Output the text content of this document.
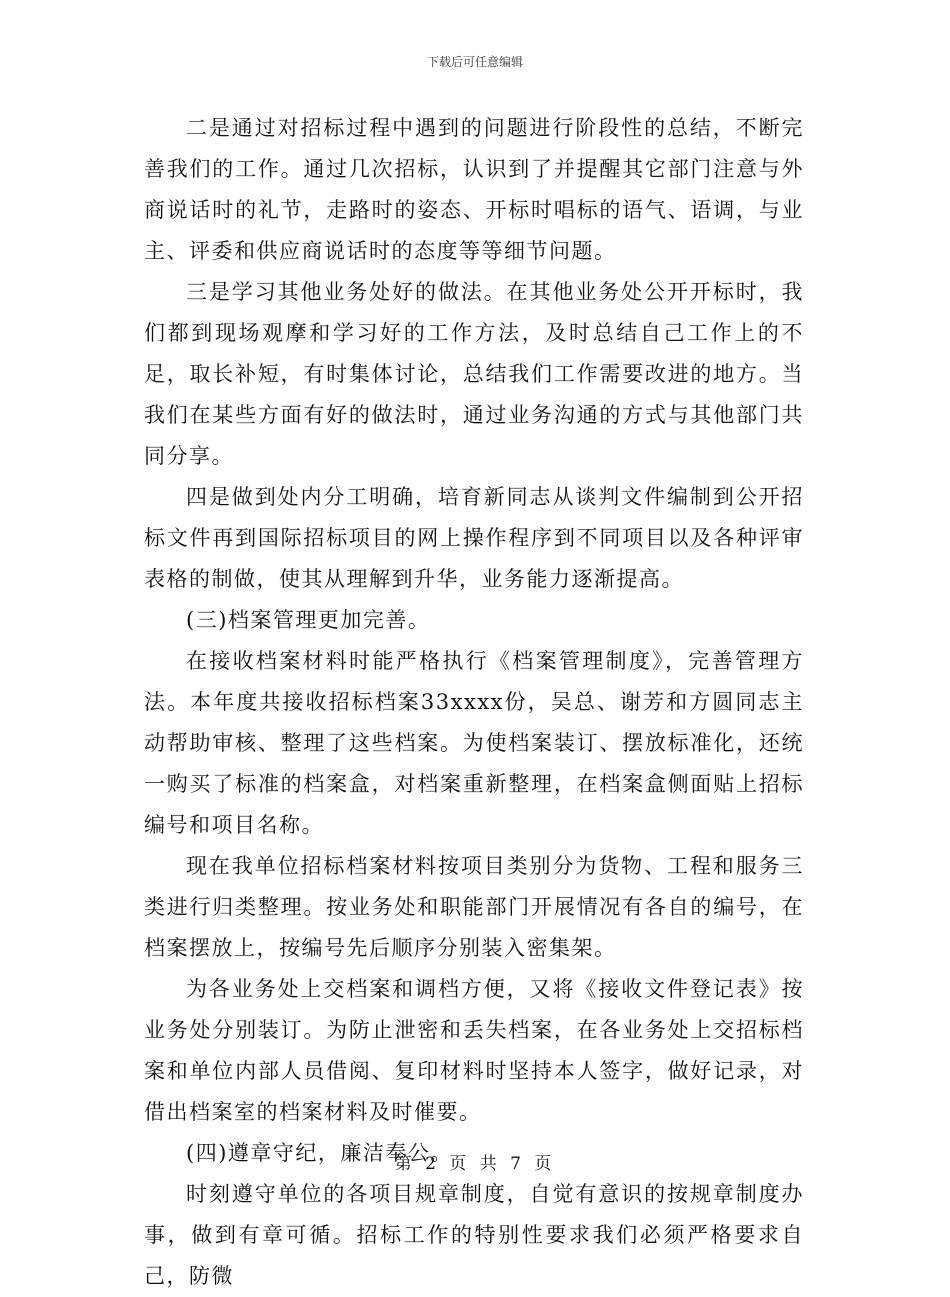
下载后可任意编辑

二是通过对招标过程中遇到的问题进行阶段性的总结，不断完善我们的工作。通过几次招标，认识到了并提醒其它部门注意与外商说话时的礼节，走路时的姿态、开标时唱标的语气、语调，与业主、评委和供应商说话时的态度等等细节问题。

三是学习其他业务处好的做法。在其他业务处公开开标时，我们都到现场观摩和学习好的工作方法，及时总结自己工作上的不足，取长补短，有时集体讨论，总结我们工作需要改进的地方。当我们在某些方面有好的做法时，通过业务沟通的方式与其他部门共同分享。

四是做到处内分工明确，培育新同志从谈判文件编制到公开招标文件再到国际招标项目的网上操作程序到不同项目以及各种评审表格的制做，使其从理解到升华，业务能力逐渐提高。

(三)档案管理更加完善。

在接收档案材料时能严格执行《档案管理制度》，完善管理方法。本年度共接收招标档案33xxxx份，吴总、谢芳和方圆同志主动帮助审核、整理了这些档案。为使档案装订、摆放标准化，还统一购买了标准的档案盒，对档案重新整理，在档案盒侧面贴上招标编号和项目名称。

现在我单位招标档案材料按项目类别分为货物、工程和服务三类进行归类整理。按业务处和职能部门开展情况有各自的编号，在档案摆放上，按编号先后顺序分别装入密集架。

为各业务处上交档案和调档方便，又将《接收文件登记表》按业务处分别装订。为防止泄密和丢失档案，在各业务处上交招标档案和单位内部人员借阅、复印材料时坚持本人签字，做好记录，对借出档案室的档案材料及时催要。

(四)遵章守纪，廉洁奉公。

时刻遵守单位的各项目规章制度，自觉有意识的按规章制度办事，做到有章可循。招标工作的特别性要求我们必须严格要求自己，防微

第 2 页 共 7 页
